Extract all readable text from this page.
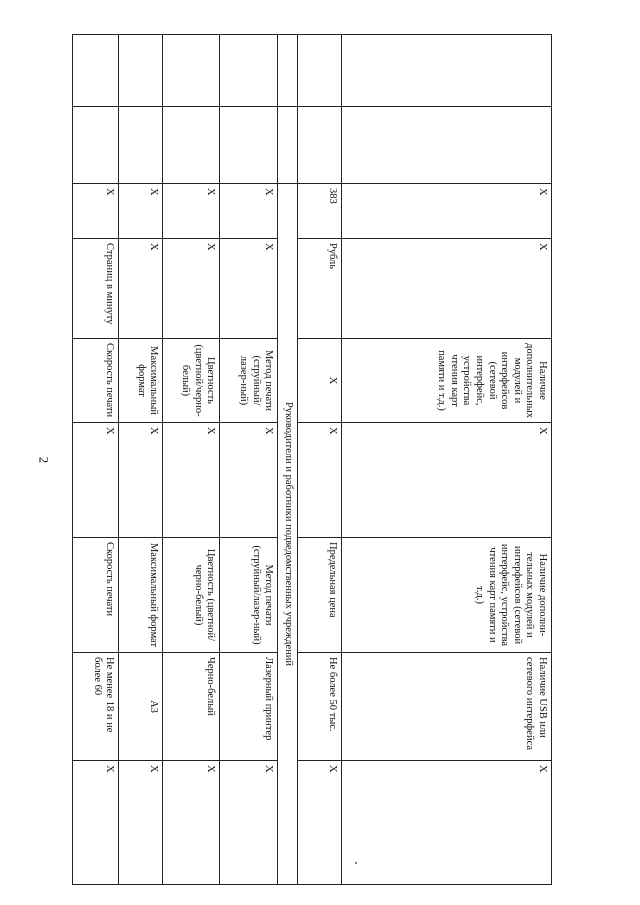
2
		X	X	Наличие дополнительных модулей и интерфейсов (сетевой интерфейс, устройства чтения карт памяти и т.д.)	X	Наличие дополни-тельных модулей и интерфейсов (сетевой интерфейс, устройства чтения карт памяти и т.д.)	Наличие USB или сетевого интерфейса	X
		383	Рубль	X	X	Предельная цена	Не более 50 тыс.	X
		Руководители и работники подведомственных учреждений						
		X	X	Метод печати (струйный/лазер-ный)	X	Метод печати (струйный/лазер-ный)	Лазерный принтер	X
		X	X	Цветность (цветной/черно-белый)	X	Цветность (цветной/черно-белый)	Черно-белый	X
		X	X	Максимальный формат	X	Максимальный формат	А3	X
		X	Страниц в минуту	Скорость печати	X	Скорость печати	Не менее 18 и не более 60	X
